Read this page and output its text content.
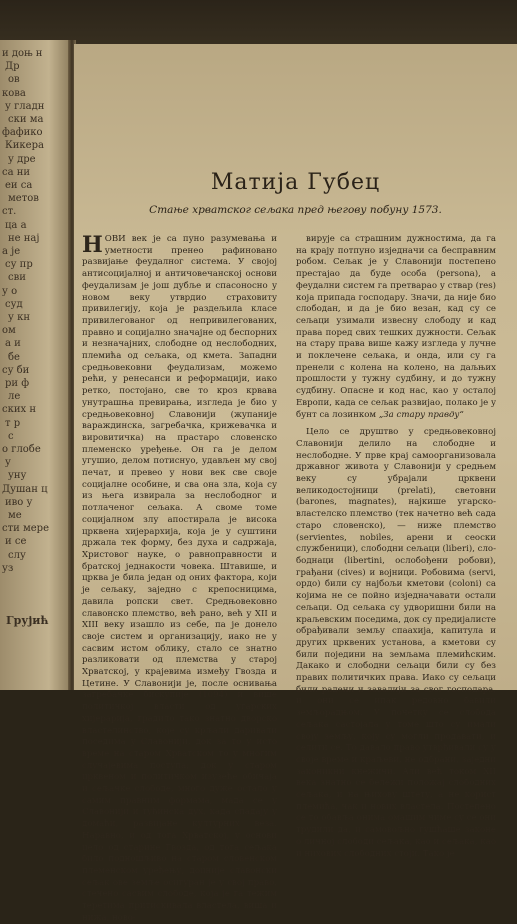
и доњ н
Др
ов
кова
у гладн
ски ма
фафико
Кикера
у дре
са ни
еи са
метов
ст.
ца а
не нај
а је
су пр
сви
у о
суд
у кн
ом
а и
бе
су би
ри ф
ле
ских н
т р
с
о глобе
у
уну
Душан ц
иво у
ме
сти мере
и се
слу
уз
Грујић
Матија Губец
Стање хрватског сељака пред његову побуну 1573.

НОВИ век је са пуно разумевања и уметности пренео рафиновано развијање феудалног система. У својој антисоцијалној и античовечанској основи феудализам је још дубље и спасоносно у новом веку утврдио страховиту привилегију, која је раздељила класе привилегованог од непривилегованих, правно и социјално значајне од беспорних и незначајних, слободне од неслободних, племића од сељака, од кмета. Западни средњовековни феудализам, можемо рећи, у ренесанси и реформацији, иако ретко, постојано, све то кроз крвава унутрашња превирања, изгледа је био у средњовековној Славонији (жупанијe вараждинска, загребачка, крижевачка и вировитичка) на прастаро словенско племенско уређење. Он га је делом угушио, делом потиснуо, удављен му свој печат, и превео у нови век све своје социјалне особине, и сва она зла, која су из њега извирала за неслободног и потлаченог сељака. А своме томе социјалном злу апостирала је висока црквена хијерархија, која је у суштини држала тек форму, без духа и садржаја, Христовог науке, о равноправности и братској једнакости човека. Штавише, и црква је била један од оних фактора, који је сељаку, заједно с крепосницима, давила ропски свет. Средњовековно славонско племство, већ рано, већ у XII и XIII веку изашло из себе, па је донело своје систем и организацију, иако не у сасвим истом облику, стало се знатно разликовати од племства у старој Хрватској, у крајевима измeђу Гвоздa и Цетине. У Славонији је, после оснивања загребачке бискупије (1094) и вишe политичкој власти од угарских хијерарија, градило тако знатно дворско властелинство, које су крљали даривали поседима у Славонији, док за то у исто време на старом Хрватском то у многим случајевима поступа; док у старом црквеном и политичком изузеће обичаја и сељачке слободе, много дуже остало у самим правним формама, мада се у Славонији и туђинска дух, кадa спадају у домаћи, развијане културних веза. Наравно, и од тога Хрватској, у основи цело од старине Гвоздa, од тога сељака било подношљиво на старом словенском племенском уређењу, доцније славонски сељак ове земље осигуран је у свој правo, стечено сасвим слободe, која је га тежим теретима притискивала властела, вишa и нижа, ново-

вирује са страшним дужностима, да га на крају потпуно изједначи са бесправним робом. Сељак је у Славонији постепено престајао да буде особа (persona), а феудални систем га претварао у ствар (res) која припада господару. Значи, да није био слободан, и да је био везан, кад су се сељаци узимали извесну слободу и кад права поред свих тешких дужности. Сељак на стару права више кажу изгледа у лучне и поклечене сељака, и онда, или су га пренели с колена на колено, на даљњих прошлости у тужну судбину, и до тужну судбину. Опасне и код нас, као у осталој Европи, када се сељак развијао, полако је у бунт са лозинком „За стару правду“

Целo се друштво у средњовековној Славонији делило на слободне и неслободне. У прве крај самоорганизовала државног живота у Славонији у средњем веку су убрајали црквени великодостојници (prelati), световни (barones, magnates), најкише угарско-властелско племство (тек начетно већ сада старо словенско), — ниже племство (servientes, nobiles, арени и сеоски службеници), слободни сељаци (liberi), слободнаци (libertini, ослобођени робови), грађани (cives) и војници. Робовима (servi, ордо) били су најбољи кметови (coloni) са којима не се пойно изједначавати остали сељаци. Од сељака су удворишни били на краљевским поседима, док су предијалисте обрађивали земљу спаахија, капитула и других црквених установа, а кметови су били поједини на земљама племићским. Дакако и слободни сељаци били су без правих политичких права. Иако су сељаци били радени и завалији за свог господара, и они се ипак редовно бавили земљорадњом. У почетку се слобода сељака састојала у томе што су имали своју земљу, коју су могли продавати, и селити се. То давало право утврђивали су у своје време и краљеви, не одбрани, заједни законикни кнежичи. Али већ током XII века знатно се бележи положај слободних сељака, и на њихову штету, а не корист племића, чак и нових властела. Постепено се то обавља онима омашим чиме су се они трудили да, и самовољно гушћаше законе о личној слободи сељака, као и сељака, као и нихових слободних стоји. Тако је
